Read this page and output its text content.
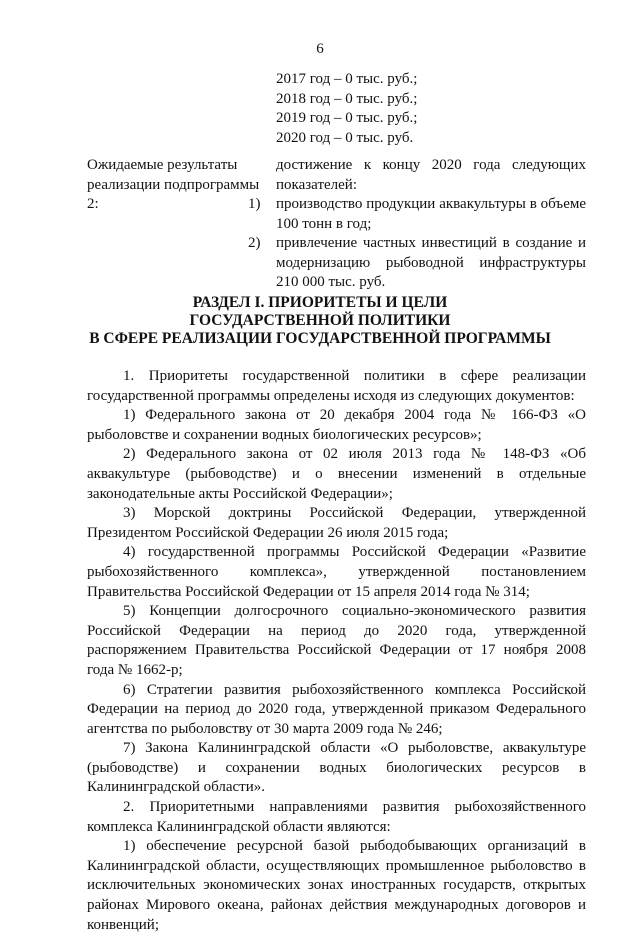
6
2017 год – 0 тыс. руб.;
2018 год – 0 тыс. руб.;
2019 год – 0 тыс. руб.;
2020 год – 0 тыс. руб.
Ожидаемые результаты реализации подпрограммы 2:
достижение к концу 2020 года следующих показателей:
1)	производство продукции аквакультуры в объеме 100 тонн в год;
2)	привлечение частных инвестиций в создание и модернизацию рыбоводной инфраструктуры 210 000 тыс. руб.
РАЗДЕЛ I. ПРИОРИТЕТЫ И ЦЕЛИ
ГОСУДАРСТВЕННОЙ ПОЛИТИКИ
В СФЕРЕ РЕАЛИЗАЦИИ ГОСУДАРСТВЕННОЙ ПРОГРАММЫ

1. Приоритеты государственной политики в сфере реализации государственной программы определены исходя из следующих документов:

1) Федерального закона от 20 декабря 2004 года № 166-ФЗ «О рыболовстве и сохранении водных биологических ресурсов»;

2) Федерального закона от 02 июля 2013 года № 148-ФЗ «Об аквакультуре (рыбоводстве) и о внесении изменений в отдельные законодательные акты Российской Федерации»;

3) Морской доктрины Российской Федерации, утвержденной Президентом Российской Федерации 26 июля 2015 года;

4) государственной программы Российской Федерации «Развитие рыбохозяйственного комплекса», утвержденной постановлением Правительства Российской Федерации от 15 апреля 2014 года № 314;

5) Концепции долгосрочного социально-экономического развития Российской Федерации на период до 2020 года, утвержденной распоряжением Правительства Российской Федерации от 17 ноября 2008 года № 1662-р;

6) Стратегии развития рыбохозяйственного комплекса Российской Федерации на период до 2020 года, утвержденной приказом Федерального агентства по рыболовству от 30 марта 2009 года № 246;

7) Закона Калининградской области «О рыболовстве, аквакультуре (рыбоводстве) и сохранении водных биологических ресурсов в Калининградской области».

2. Приоритетными направлениями развития рыбохозяйственного комплекса Калининградской области являются:

1) обеспечение ресурсной базой рыбодобывающих организаций в Калининградской области, осуществляющих промышленное рыболовство в исключительных экономических зонах иностранных государств, открытых районах Мирового океана, районах действия международных договоров и конвенций;
